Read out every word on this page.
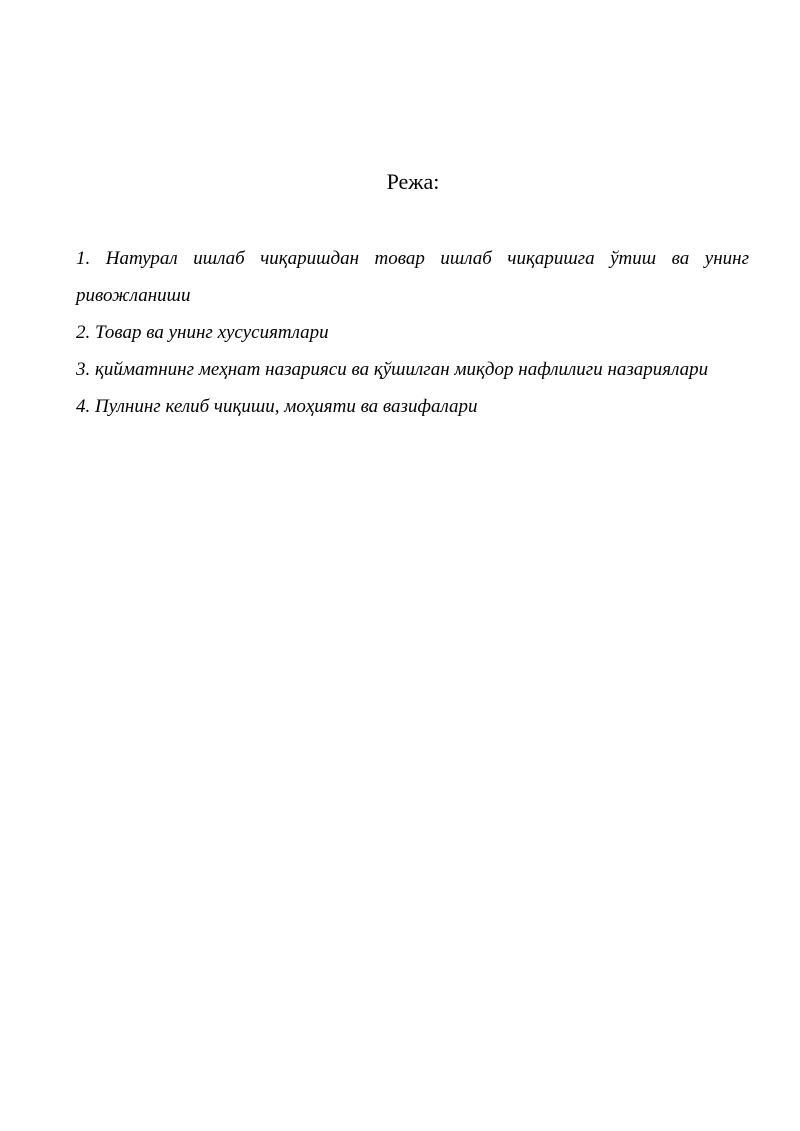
Режа:
1. Натурал ишлаб чиқаришдан товар ишлаб чиқаришга ўтиш ва унинг ривожланиши
2. Товар ва унинг хусусиятлари
3. қийматнинг меҳнат назарияси ва қўшилган миқдор нафлилиги назариялари
4. Пулнинг келиб чиқиши, моҳияти ва вазифалари
